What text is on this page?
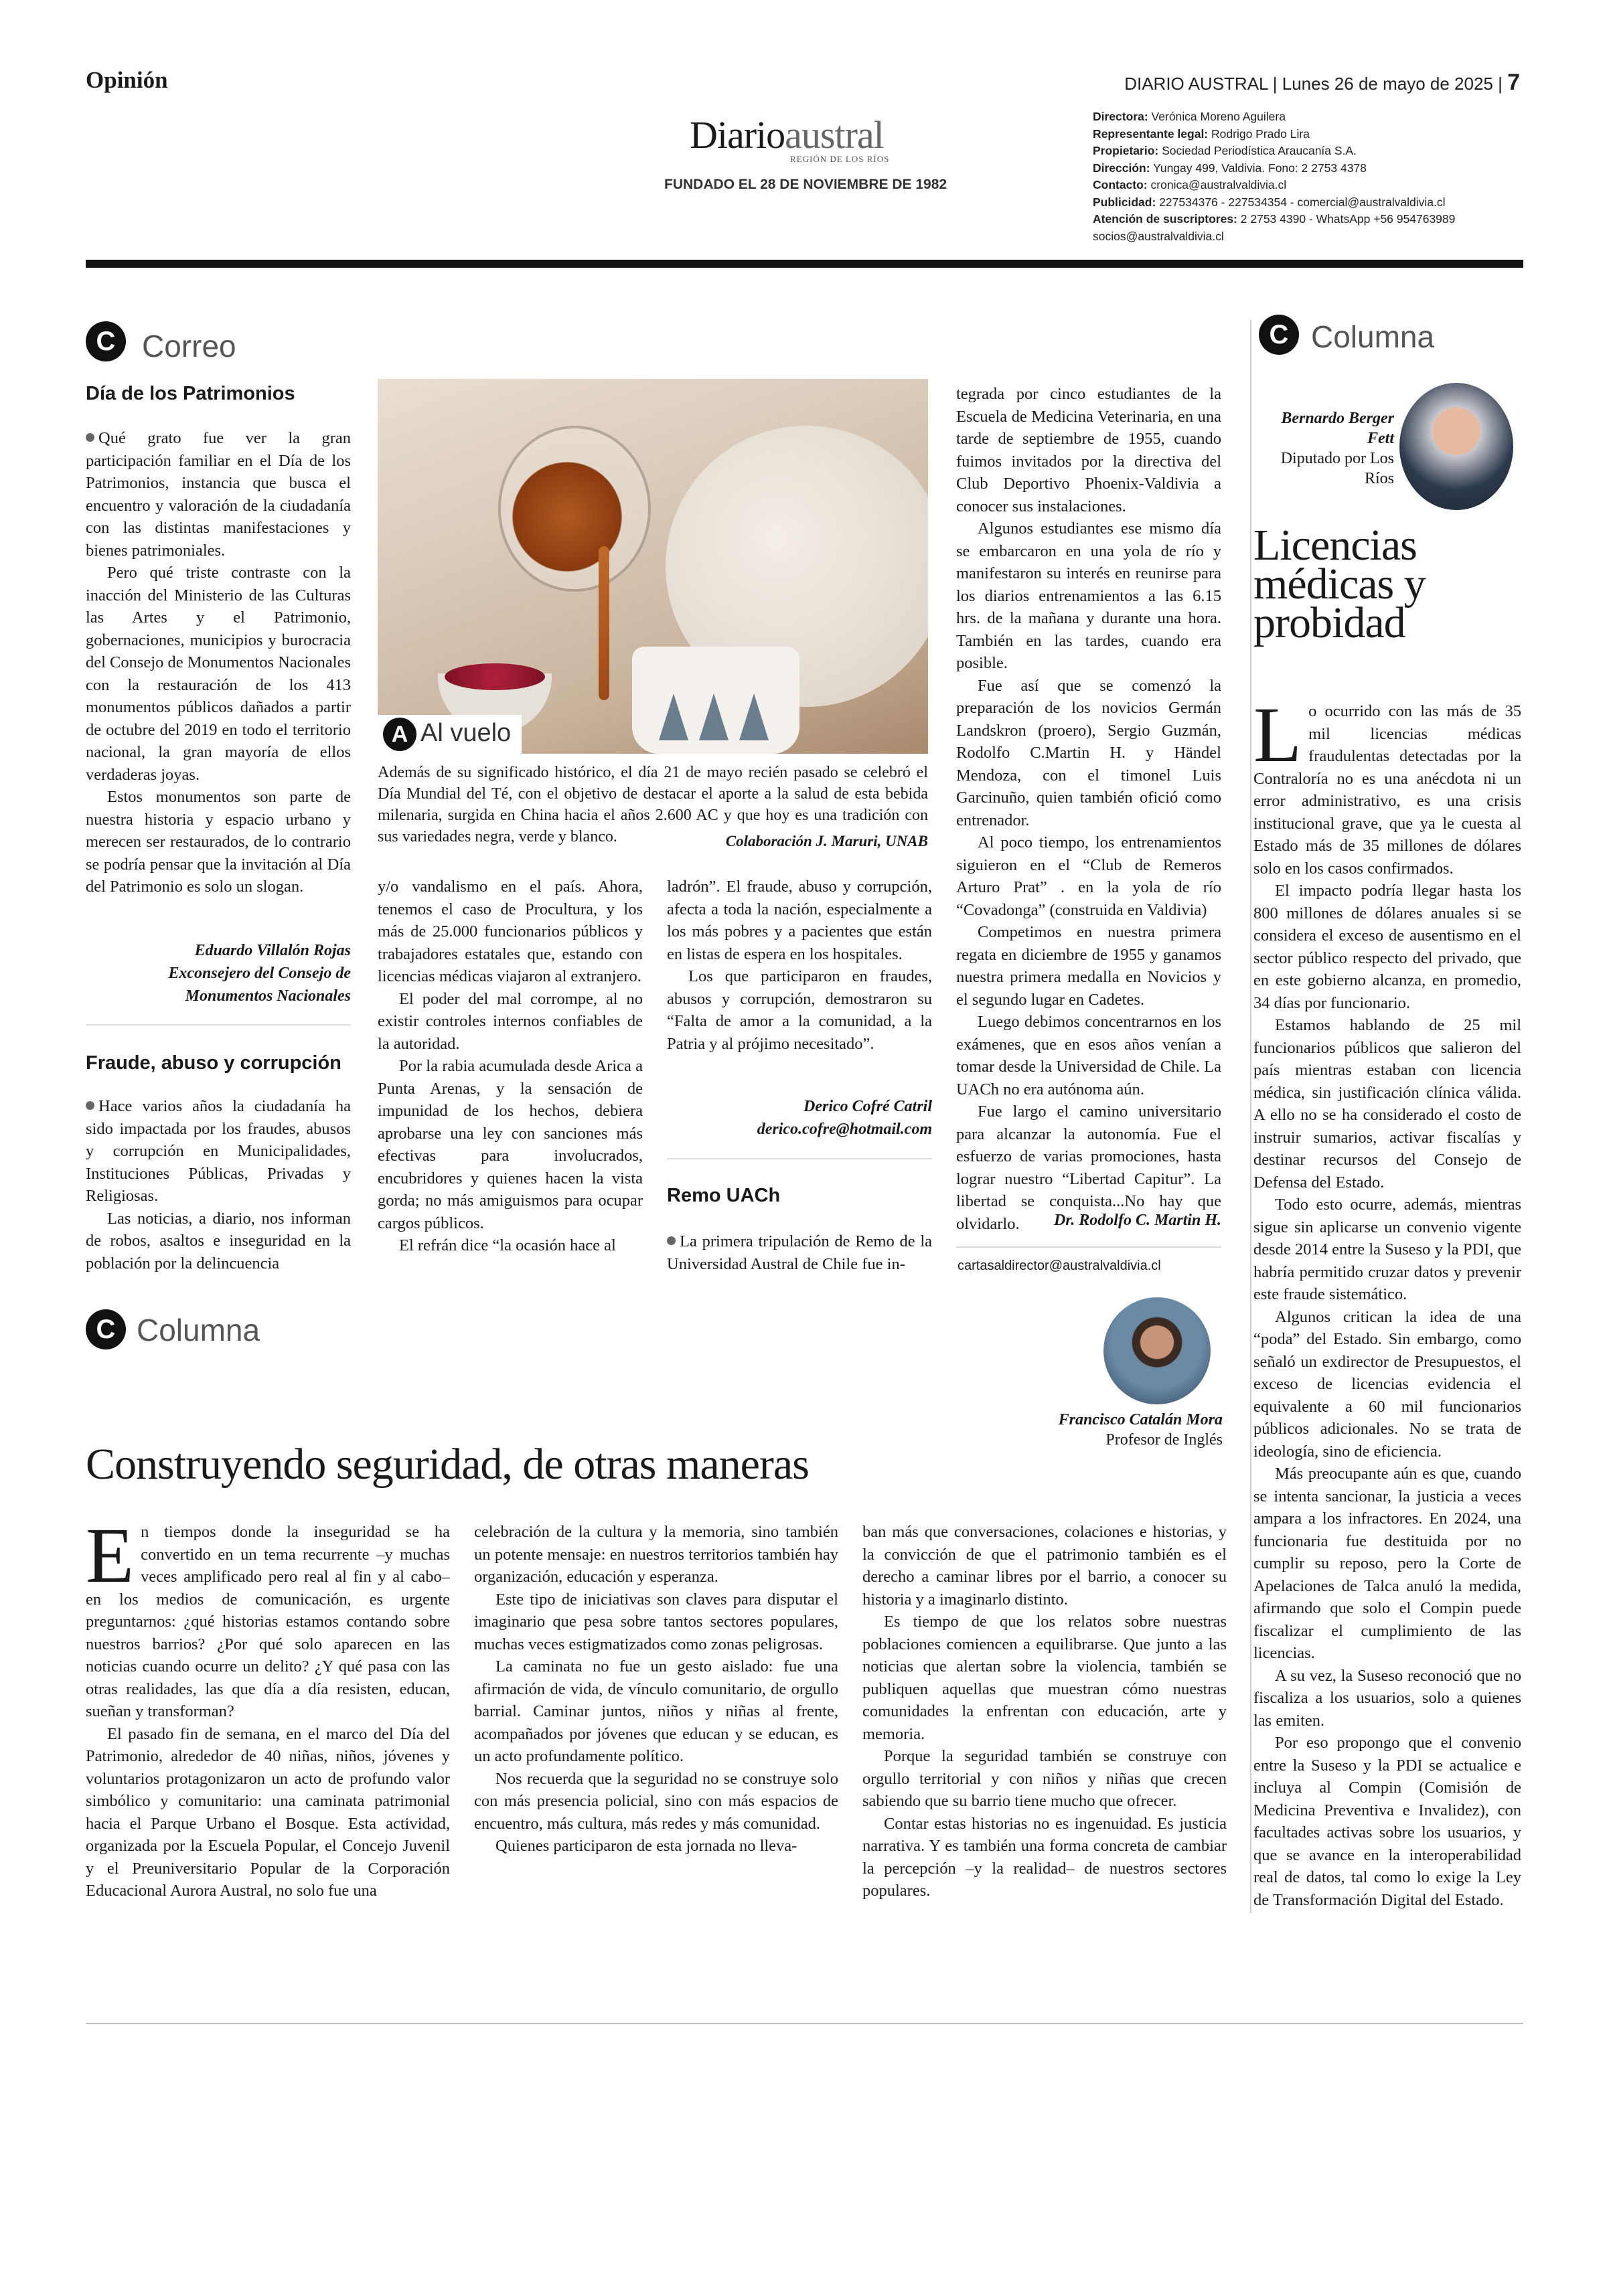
Opinión	DIARIO AUSTRAL | Lunes 26 de mayo de 2025 | 7
Diarioaustral
REGIÓN DE LOS RÍOS
FUNDADO EL 28 DE NOVIEMBRE DE 1982
Directora: Verónica Moreno Aguilera
Representante legal: Rodrigo Prado Lira
Propietario: Sociedad Periodística Araucanía S.A.
Dirección: Yungay 499, Valdivia. Fono: 2 2753 4378
Contacto: cronica@australvaldivia.cl
Publicidad: 227534376 - 227534354 - comercial@australvaldivia.cl
Atención de suscriptores: 2 2753 4390 - WhatsApp +56 954763989
socios@australvaldivia.cl
C Correo
Día de los Patrimonios

Qué grato fue ver la gran participación familiar en el Día de los Patrimonios, instancia que busca el encuentro y valoración de la ciudadanía con las distintas manifestaciones y bienes patrimoniales.

Pero qué triste contraste con la inacción del Ministerio de las Culturas las Artes y el Patrimonio, gobernaciones, municipios y burocracia del Consejo de Monumentos Nacionales con la restauración de los 413 monumentos públicos dañados a partir de octubre del 2019 en todo el territorio nacional, la gran mayoría de ellos verdaderas joyas.

Estos monumentos son parte de nuestra historia y espacio urbano y merecen ser restaurados, de lo contrario se podría pensar que la invitación al Día del Patrimonio es solo un slogan.

Eduardo Villalón Rojas
Exconsejero del Consejo de
Monumentos Nacionales
Fraude, abuso y corrupción

Hace varios años la ciudadanía ha sido impactada por los fraudes, abusos y corrupción en Municipalidades, Instituciones Públicas, Privadas y Religiosas.

Las noticias, a diario, nos informan de robos, asaltos e inseguridad en la población por la delincuencia

A Al vuelo
Además de su significado histórico, el día 21 de mayo recién pasado se celebró el Día Mundial del Té, con el objetivo de destacar el aporte a la salud de esta bebida milenaria, surgida en China hacia el años 2.600 AC y que hoy es una tradición con sus variedades negra, verde y blanco.	Colaboración J. Maruri, UNAB

y/o vandalismo en el país. Ahora, tenemos el caso de Procultura, y los más de 25.000 funcionarios públicos y trabajadores estatales que, estando con licencias médicas viajaron al extranjero.

El poder del mal corrompe, al no existir controles internos confiables de la autoridad.

Por la rabia acumulada desde Arica a Punta Arenas, y la sensación de impunidad de los hechos, debiera aprobarse una ley con sanciones más efectivas para involucrados, encubridores y quienes hacen la vista gorda; no más amiguismos para ocupar cargos públicos.

El refrán dice “la ocasión hace al

ladrón”. El fraude, abuso y corrupción, afecta a toda la nación, especialmente a los más pobres y a pacientes que están en listas de espera en los hospitales.

Los que participaron en fraudes, abusos y corrupción, demostraron su “Falta de amor a la comunidad, a la Patria y al prójimo necesitado”.

Derico Cofré Catril
derico.cofre@hotmail.com
Remo UACh

La primera tripulación de Remo de la Universidad Austral de Chile fue in-

tegrada por cinco estudiantes de la Escuela de Medicina Veterinaria, en una tarde de septiembre de 1955, cuando fuimos invitados por la directiva del Club Deportivo Phoenix-Valdivia a conocer sus instalaciones.

Algunos estudiantes ese mismo día se embarcaron en una yola de río y manifestaron su interés en reunirse para los diarios entrenamientos a las 6.15 hrs. de la mañana y durante una hora. También en las tardes, cuando era posible.

Fue así que se comenzó la preparación de los novicios Germán Landskron (proero), Sergio Guzmán, Rodolfo C.Martin H. y Händel Mendoza, con el timonel Luis Garcinuño, quien también ofició como entrenador.

Al poco tiempo, los entrenamientos siguieron en el “Club de Remeros Arturo Prat” . en la yola de río “Covadonga” (construida en Valdivia)

Competimos en nuestra primera regata en diciembre de 1955 y ganamos nuestra primera medalla en Novicios y el segundo lugar en Cadetes.

Luego debimos concentrarnos en los exámenes, que en esos años venían a tomar desde la Universidad de Chile. La UACh no era autónoma aún.

Fue largo el camino universitario para alcanzar la autonomía. Fue el esfuerzo de varias promociones, hasta lograr nuestro “Libertad Capitur”. La libertad se conquista...No hay que olvidarlo.	Dr. Rodolfo C. Martin H.
cartasaldirector@australvaldivia.cl
C Columna
Bernardo Berger Fett
Diputado por Los Ríos
Licencias médicas y probidad

Lo ocurrido con las más de 35 mil licencias médicas fraudulentas detectadas por la Contraloría no es una anécdota ni un error administrativo, es una crisis institucional grave, que ya le cuesta al Estado más de 35 millones de dólares solo en los casos confirmados.

El impacto podría llegar hasta los 800 millones de dólares anuales si se considera el exceso de ausentismo en el sector público respecto del privado, que en este gobierno alcanza, en promedio, 34 días por funcionario.

Estamos hablando de 25 mil funcionarios públicos que salieron del país mientras estaban con licencia médica, sin justificación clínica válida. A ello no se ha considerado el costo de instruir sumarios, activar fiscalías y destinar recursos del Consejo de Defensa del Estado.

Todo esto ocurre, además, mientras sigue sin aplicarse un convenio vigente desde 2014 entre la Suseso y la PDI, que habría permitido cruzar datos y prevenir este fraude sistemático.

Algunos critican la idea de una “poda” del Estado. Sin embargo, como señaló un exdirector de Presupuestos, el exceso de licencias evidencia el equivalente a 60 mil funcionarios públicos adicionales. No se trata de ideología, sino de eficiencia.

Más preocupante aún es que, cuando se intenta sancionar, la justicia a veces ampara a los infractores. En 2024, una funcionaria fue destituida por no cumplir su reposo, pero la Corte de Apelaciones de Talca anuló la medida, afirmando que solo el Compin puede fiscalizar el cumplimiento de las licencias.

A su vez, la Suseso reconoció que no fiscaliza a los usuarios, solo a quienes las emiten.

Por eso propongo que el convenio entre la Suseso y la PDI se actualice e incluya al Compin (Comisión de Medicina Preventiva e Invalidez), con facultades activas sobre los usuarios, y que se avance en la interoperabilidad real de datos, tal como lo exige la Ley de Transformación Digital del Estado.

C Columna
Francisco Catalán Mora
Profesor de Inglés
Construyendo seguridad, de otras maneras

En tiempos donde la inseguridad se ha convertido en un tema recurrente –y muchas veces amplificado pero real al fin y al cabo– en los medios de comunicación, es urgente preguntarnos: ¿qué historias estamos contando sobre nuestros barrios? ¿Por qué solo aparecen en las noticias cuando ocurre un delito? ¿Y qué pasa con las otras realidades, las que día a día resisten, educan, sueñan y transforman?

El pasado fin de semana, en el marco del Día del Patrimonio, alrededor de 40 niñas, niños, jóvenes y voluntarios protagonizaron un acto de profundo valor simbólico y comunitario: una caminata patrimonial hacia el Parque Urbano el Bosque. Esta actividad, organizada por la Escuela Popular, el Concejo Juvenil y el Preuniversitario Popular de la Corporación Educacional Aurora Austral, no solo fue una

celebración de la cultura y la memoria, sino también un potente mensaje: en nuestros territorios también hay organización, educación y esperanza.

Este tipo de iniciativas son claves para disputar el imaginario que pesa sobre tantos sectores populares, muchas veces estigmatizados como zonas peligrosas.

La caminata no fue un gesto aislado: fue una afirmación de vida, de vínculo comunitario, de orgullo barrial. Caminar juntos, niños y niñas al frente, acompañados por jóvenes que educan y se educan, es un acto profundamente político.

Nos recuerda que la seguridad no se construye solo con más presencia policial, sino con más espacios de encuentro, más cultura, más redes y más comunidad.

Quienes participaron de esta jornada no lleva-

ban más que conversaciones, colaciones e historias, y la convicción de que el patrimonio también es el derecho a caminar libres por el barrio, a conocer su historia y a imaginarlo distinto.

Es tiempo de que los relatos sobre nuestras poblaciones comiencen a equilibrarse. Que junto a las noticias que alertan sobre la violencia, también se publiquen aquellas que muestran cómo nuestras comunidades la enfrentan con educación, arte y memoria.

Porque la seguridad también se construye con orgullo territorial y con niños y niñas que crecen sabiendo que su barrio tiene mucho que ofrecer.

Contar estas historias no es ingenuidad. Es justicia narrativa. Y es también una forma concreta de cambiar la percepción –y la realidad– de nuestros sectores populares.
